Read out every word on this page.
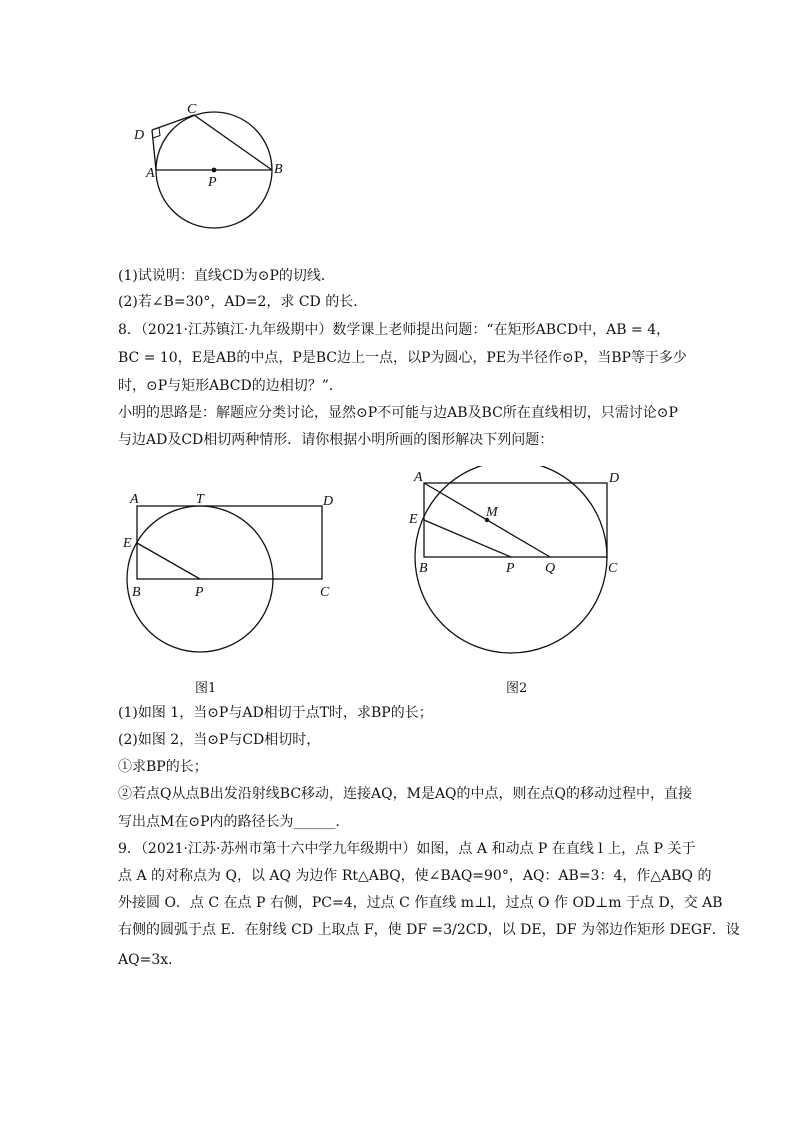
C
D
A	B
P
(1)试说明：直线CD为⊙P的切线．
(2)若∠B=30°，AD=2，求 CD 的长．
8．（2021·江苏镇江·九年级期中）数学课上老师提出问题：“在矩形ABCD中，AB = 4，
BC = 10，E是AB的中点，P是BC边上一点，以P为圆心，PE为半径作⊙P，当BP等于多少
时，⊙P与矩形ABCD的边相切？”．
小明的思路是：解题应分类讨论，显然⊙P不可能与边AB及BC所在直线相切，只需讨论⊙P
与边AD及CD相切两种情形．请你根据小明所画的图形解决下列问题：
A	T	D
E
B	P	C
A	D
M
E
B	P Q	C
图1	图2
(1)如图 1，当⊙P与AD相切于点T时，求BP的长；
(2)如图 2，当⊙P与CD相切时，
①求BP的长；
②若点Q从点B出发沿射线BC移动，连接AQ，M是AQ的中点，则在点Q的移动过程中，直接
写出点M在⊙P内的路径长为______．
9．（2021·江苏·苏州市第十六中学九年级期中）如图，点 A 和动点 P 在直线 l 上，点 P 关于
点 A 的对称点为 Q，以 AQ 为边作 Rt△ABQ，使∠BAQ=90°，AQ：AB=3：4，作△ABQ 的
外接圆 O．点 C 在点 P 右侧，PC=4，过点 C 作直线 m⊥l，过点 O 作 OD⊥m 于点 D，交 AB
右侧的圆弧于点 E．在射线 CD 上取点 F，使 DF =3/2CD，以 DE，DF 为邻边作矩形 DEGF．设
AQ=3x．
